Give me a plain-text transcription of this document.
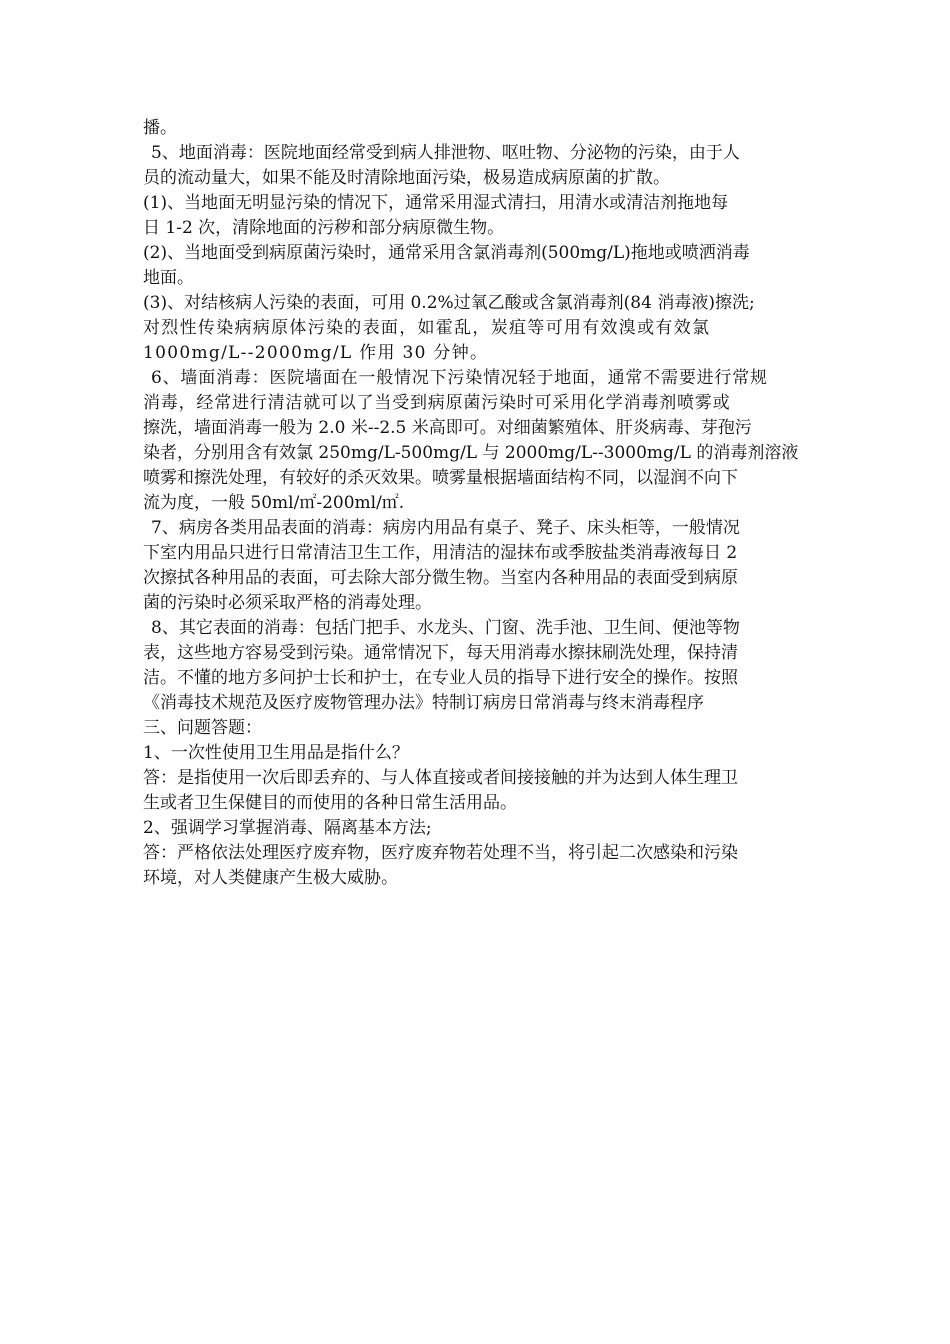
播。
5、地面消毒：医院地面经常受到病人排泄物、呕吐物、分泌物的污染，由于人
员的流动量大，如果不能及时清除地面污染，极易造成病原菌的扩散。
(1)、当地面无明显污染的情况下，通常采用湿式清扫，用清水或清洁剂拖地每
日 1-2 次，清除地面的污秽和部分病原微生物。
(2)、当地面受到病原菌污染时，通常采用含氯消毒剂(500mg/L)拖地或喷洒消毒
地面。
(3)、对结核病人污染的表面，可用 0.2%过氧乙酸或含氯消毒剂(84 消毒液)擦洗;
对烈性传染病病原体污染的表面，如霍乱，炭疽等可用有效溴或有效氯
1000mg/L--2000mg/L 作用 30 分钟。
6、墙面消毒：医院墙面在一般情况下污染情况轻于地面，通常不需要进行常规
消毒，经常进行清洁就可以了当受到病原菌污染时可采用化学消毒剂喷雾或
擦洗，墙面消毒一般为 2.0 米--2.5 米高即可。对细菌繁殖体、肝炎病毒、芽孢污
染者，分别用含有效氯 250mg/L-500mg/L 与 2000mg/L--3000mg/L 的消毒剂溶液
喷雾和擦洗处理，有较好的杀灭效果。喷雾量根据墙面结构不同，以湿润不向下
流为度，一般 50ml/㎡-200ml/㎡.
7、病房各类用品表面的消毒：病房内用品有桌子、凳子、床头柜等，一般情况
下室内用品只进行日常清洁卫生工作，用清洁的湿抹布或季胺盐类消毒液每日 2
次擦拭各种用品的表面，可去除大部分微生物。当室内各种用品的表面受到病原
菌的污染时必须采取严格的消毒处理。
8、其它表面的消毒：包括门把手、水龙头、门窗、洗手池、卫生间、便池等物
表，这些地方容易受到污染。通常情况下，每天用消毒水擦抹刷洗处理，保持清
洁。不懂的地方多问护士长和护士，在专业人员的指导下进行安全的操作。按照
《消毒技术规范及医疗废物管理办法》特制订病房日常消毒与终末消毒程序
三、问题答题：
1、一次性使用卫生用品是指什么？
答：是指使用一次后即丢弃的、与人体直接或者间接接触的并为达到人体生理卫
生或者卫生保健目的而使用的各种日常生活用品。
2、强调学习掌握消毒、隔离基本方法;
答：严格依法处理医疗废弃物，医疗废弃物若处理不当，将引起二次感染和污染
环境，对人类健康产生极大威胁。
